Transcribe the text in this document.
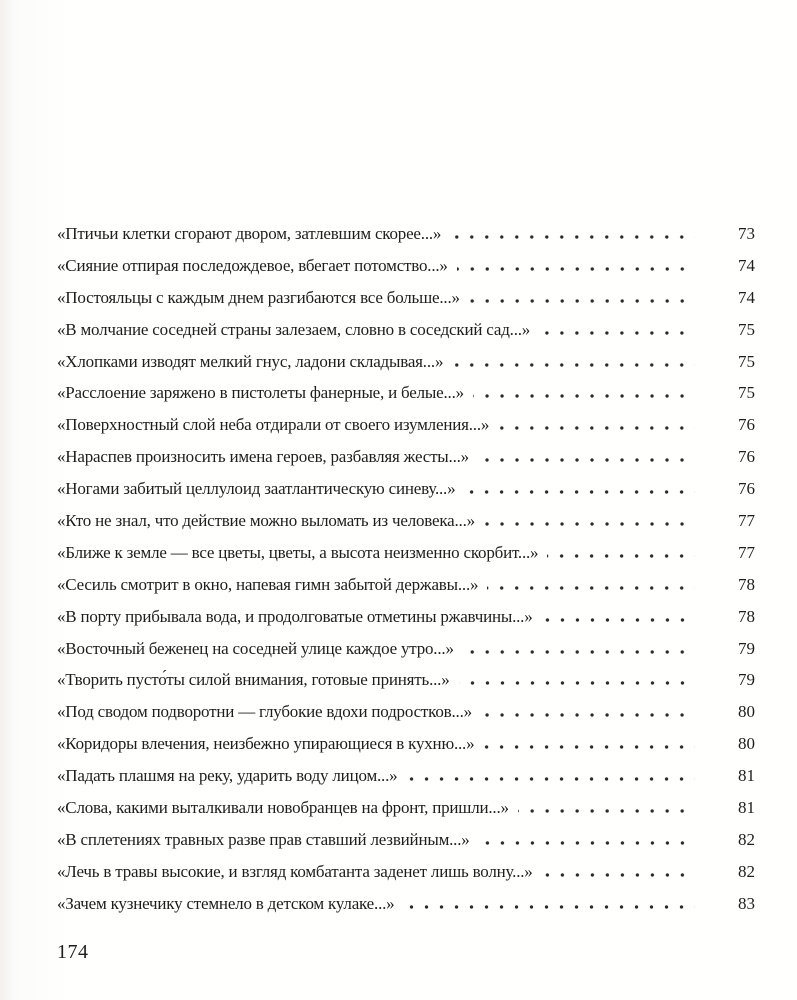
«Птичьи клетки сгорают двором, затлевшим скорее...»	73
«Сияние отпирая последождевое, вбегает потомство...»	74
«Постояльцы с каждым днем разгибаются все больше...»	74
«В молчание соседней страны залезаем, словно в соседский сад...»	75
«Хлопками изводят мелкий гнус, ладони складывая...»	75
«Расслоение заряжено в пистолеты фанерные, и белые...»	75
«Поверхностный слой неба отдирали от своего изумления...»	76
«Нараспев произносить имена героев, разбавляя жесты...»	76
«Ногами забитый целлулоид заатлантическую синеву...»	76
«Кто не знал, что действие можно выломать из человека...»	77
«Ближе к земле — все цветы, цветы, а высота неизменно скорбит...»	77
«Сесиль смотрит в окно, напевая гимн забытой державы...»	78
«В порту прибывала вода, и продолговатые отметины ржавчины...»	78
«Восточный беженец на соседней улице каждое утро...»	79
«Творить пусто́ты силой внимания, готовые принять...»	79
«Под сводом подворотни — глубокие вдохи подростков...»	80
«Коридоры влечения, неизбежно упирающиеся в кухню...»	80
«Падать плашмя на реку, ударить воду лицом...»	81
«Слова, какими выталкивали новобранцев на фронт, пришли...»	81
«В сплетениях травных разве прав ставший лезвийным...»	82
«Лечь в травы высокие, и взгляд комбатанта заденет лишь волну...»	82
«Зачем кузнечику стемнело в детском кулаке...»	83
174
